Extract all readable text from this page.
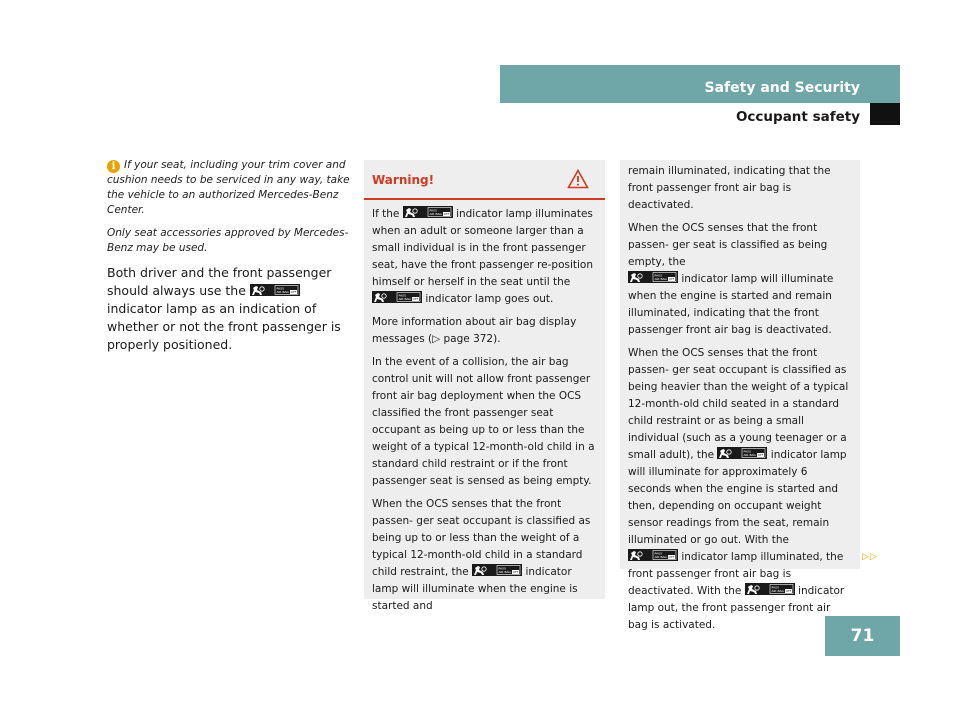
Safety and Security
Occupant safety

i If your seat, including your trim cover and cushion needs to be serviced in any way, take the vehicle to an authorized Mercedes-Benz Center.

Only seat accessories approved by Mercedes-Benz may be used.

Both driver and the front passenger should always use the	PASS
AIR BAG OFF
indicator lamp as an indication of whether or not the front passenger is properly positioned.
Warning!

If the	PASS
AIR BAG OFF indicator lamp illuminates when an adult or someone larger than a small individual is in the front passenger seat, have the front passenger re-position himself or herself in the seat until the

PASS
AIR BAG OFF indicator lamp goes out.

More information about air bag display messages (▷ page 372).

In the event of a collision, the air bag control unit will not allow front passenger front air bag deployment when the OCS classified the front passenger seat occupant as being up to or less than the weight of a typical 12-month-old child in a standard child restraint or if the front passenger seat is sensed as being empty.

When the OCS senses that the front passen- ger seat occupant is classified as being up to or less than the weight of a typical 12-month-old child in a standard child restraint, the	PASS
AIR BAG OFF indicator lamp will illuminate when the engine is started and

remain illuminated, indicating that the front passenger front air bag is deactivated.

When the OCS senses that the front passen- ger seat is classified as being empty, the

PASS
AIR BAG OFF indicator lamp will illuminate when the engine is started and remain illuminated, indicating that the front passenger front air bag is deactivated.

When the OCS senses that the front passen- ger seat occupant is classified as being heavier than the weight of a typical 12-month-old child seated in a standard child restraint or as being a small individual (such as a young teenager or a small adult), the	PASS
AIR BAG OFF indicator lamp will illuminate for approximately 6 seconds when the engine is started and then, depending on occupant weight sensor readings from the seat, remain illuminated or go out. With the

PASS
AIR BAG OFF indicator lamp illuminated, the front passenger front air bag is deactivated. With the	PASS
AIR BAG OFF indicator lamp out, the front passenger front air bag is activated.

▷▷
71
